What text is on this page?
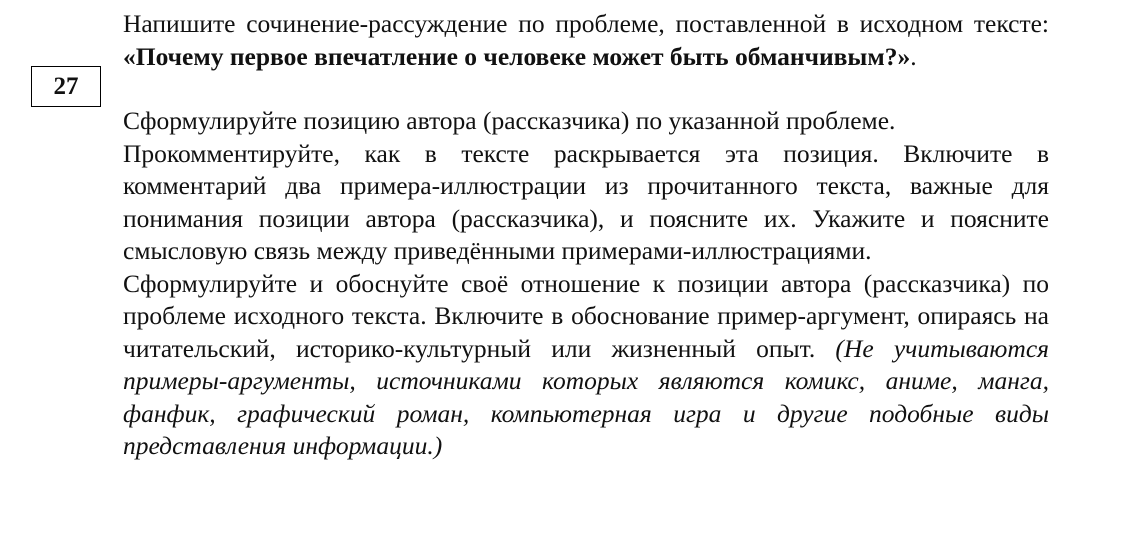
27

Напишите сочинение-рассуждение по проблеме, поставленной в исходном тексте: «Почему первое впечатление о человеке может быть обманчивым?».

Сформулируйте позицию автора (рассказчика) по указанной проблеме.

Прокомментируйте, как в тексте раскрывается эта позиция. Включите в комментарий два примера-иллюстрации из прочитанного текста, важные для понимания позиции автора (рассказчика), и поясните их. Укажите и поясните смысловую связь между приведёнными примерами-иллюстрациями.

Сформулируйте и обоснуйте своё отношение к позиции автора (рассказчика) по проблеме исходного текста. Включите в обоснование пример-аргумент, опираясь на читательский, историко-культурный или жизненный опыт. (Не учитываются примеры-аргументы, источниками которых являются комикс, аниме, манга, фанфик, графический роман, компьютерная игра и другие подобные виды представления информации.)
